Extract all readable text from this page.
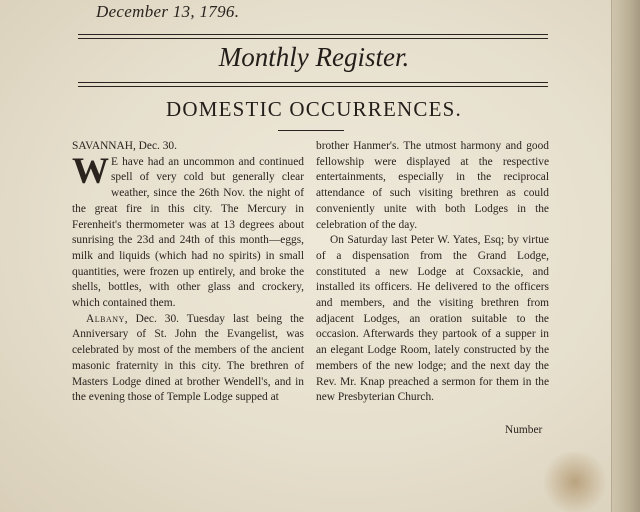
December 13, 1796.
Monthly Register.
DOMESTIC OCCURRENCES.

SAVANNAH, Dec. 30.

W E have had an uncommon and continued spell of very cold but generally clear weather, since the 26th Nov. the night of the great fire in this city. The Mercury in Ferenheit's thermometer was at 13 degrees about sunrising the 23d and 24th of this month—eggs, milk and liquids (which had no spirits) in small quantities, were frozen up entirely, and broke the shells, bottles, with other glass and crockery, which contained them.

Albany, Dec. 30. Tuesday last being the Anniversary of St. John the Evangelist, was celebrated by most of the members of the ancient masonic fraternity in this city. The brethren of Masters Lodge dined at brother Wendell's, and in the evening those of Temple Lodge supped at

brother Hanmer's. The utmost harmony and good fellowship were displayed at the respective entertainments, especially in the reciprocal attendance of such visiting brethren as could conveniently unite with both Lodges in the celebration of the day.

On Saturday last Peter W. Yates, Esq; by virtue of a dispensation from the Grand Lodge, constituted a new Lodge at Coxsackie, and installed its officers. He delivered to the officers and members, and the visiting brethren from adjacent Lodges, an oration suitable to the occasion. Afterwards they partook of a supper in an elegant Lodge Room, lately constructed by the members of the new lodge; and the next day the Rev. Mr. Knap preached a sermon for them in the new Presbyterian Church.

Number
